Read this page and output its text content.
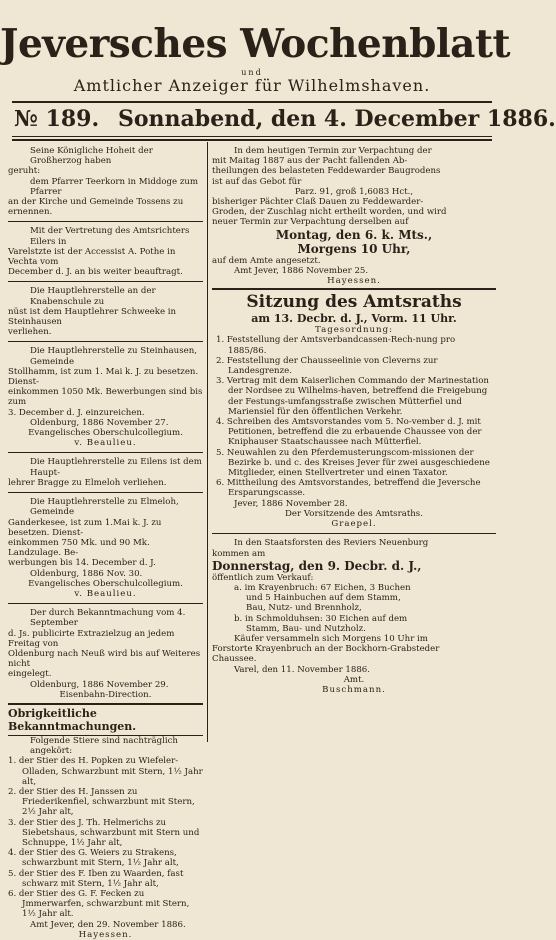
Jeversches Wochenblatt
und
Amtlicher Anzeiger für Wilhelmshaven.
№ 189. Sonnabend, den 4. December 1886.

Seine Königliche Hoheit der Großherzog haben

geruht:

dem Pfarrer Teerkorn in Middoge zum Pfarrer

an der Kirche und Gemeinde Tossens zu ernennen.

Mit der Vertretung des Amtsrichters Eilers in

Varelstzte ist der Accessist A. Pothe in Vechta vom

December d. J. an bis weiter beauftragt.

Die Hauptlehrerstelle an der Knabenschule zu

nüst ist dem Hauptlehrer Schweeke in Steinhausen

verliehen.

Die Hauptlehrerstelle zu Steinhausen, Gemeinde

Stollhamm, ist zum 1. Mai k. J. zu besetzen. Dienst-

einkommen 1050 Mk. Bewerbungen sind bis zum

3. December d. J. einzureichen.

Oldenburg, 1886 November 27.

Evangelisches Oberschulcollegium.

v. Beaulieu.

Die Hauptlehrerstelle zu Eilens ist dem Haupt-

lehrer Bragge zu Elmeloh verliehen.

Die Hauptlehrerstelle zu Elmeloh, Gemeinde

Ganderkesee, ist zum 1.Mai k. J. zu besetzen. Dienst-

einkommen 750 Mk. und 90 Mk. Landzulage. Be-

werbungen bis 14. December d. J.

Oldenburg, 1886 Nov. 30.

Evangelisches Oberschulcollegium.

v. Beaulieu.

Der durch Bekanntmachung vom 4. September

d. Js. publicirte Extrazielzug an jedem Freitag von

Oldenburg nach Neuß wird bis auf Weiteres nicht

eingelegt.

Oldenburg, 1886 November 29.

Eisenbahn-Direction.

Obrigkeitliche Bekanntmachungen.

Folgende Stiere sind nachträglich angekört:

1. der Stier des H. Popken zu Wiefeler-Olladen, Schwarzbunt mit Stern, 1½ Jahr alt,

2. der Stier des H. Janssen zu Friederikenfiel, schwarzbunt mit Stern, 2½ Jahr alt,

3. der Stier des J. Th. Helmerichs zu Siebetshaus, schwarzbunt mit Stern und Schnuppe, 1½ Jahr alt,

4. der Stier des G. Weiers zu Strakens, schwarzbunt mit Stern, 1½ Jahr alt,

5. der Stier des F. Iben zu Waarden, fast schwarz mit Stern, 1½ Jahr alt,

6. der Stier des G. F. Fecken zu Jmmerwarfen, schwarzbunt mit Stern, 1½ Jahr alt.

Amt Jever, den 29. November 1886.

Hayessen.

In dem heutigen Termin zur Verpachtung der

mit Maitag 1887 aus der Pacht fallenden Ab-

theilungen des belasteten Feddewarder Baugrodens

ist auf das Gebot für

Parz. 91, groß 1,6083 Hct.,

bisheriger Pächter Claß Dauen zu Feddewarder-

Groden, der Zuschlag nicht ertheilt worden, und wird

neuer Termin zur Verpachtung derselben auf

Montag, den 6. k. Mts.,

Morgens 10 Uhr,

auf dem Amte angesetzt.

Amt Jever, 1886 November 25.

Hayessen.

Sitzung des Amtsraths
am 13. Decbr. d. J., Vorm. 11 Uhr.

Tagesordnung:

1. Feststellung der Amtsverbandcassen-Rech-nung pro 1885/86.

2. Feststellung der Chausseelinie von Cleverns zur Landesgrenze.

3. Vertrag mit dem Kaiserlichen Commando der Marinestation der Nordsee zu Wilhelms-haven, betreffend die Freigebung der Festungs-umfangsstraße zwischen Mütterfiel und Mariensiel für den öffentlichen Verkehr.

4. Schreiben des Amtsvorstandes vom 5. No-vember d. J. mit Petitionen, betreffend die zu erbauende Chaussee von der Kniphauser Staatschaussee nach Mütterfiel.

5. Neuwahlen zu den Pferdemusterungscom-missionen der Bezirke b. und c. des Kreises Jever für zwei ausgeschiedene Mitglieder, einen Stellvertreter und einen Taxator.

6. Mittheilung des Amtsvorstandes, betreffend die Jeversche Ersparungscasse.

Jever, 1886 November 28.

Der Vorsitzende des Amtsraths.

Graepel.

In den Staatsforsten des Reviers Neuenburg

kommen am

Donnerstag, den 9. Decbr. d. J.,

öffentlich zum Verkauf:

a. im Krayenbruch: 67 Eichen, 3 Buchen

und 5 Hainbuchen auf dem Stamm,

Bau, Nutz- und Brennholz,

b. in Schmolduhsen: 30 Eichen auf dem

Stamm, Bau- und Nutzholz.

Käufer versammeln sich Morgens 10 Uhr im

Forstorte Krayenbruch an der Bockhorn-Grabsteder

Chaussee.

Varel, den 11. November 1886.

Amt.

Buschmann.
